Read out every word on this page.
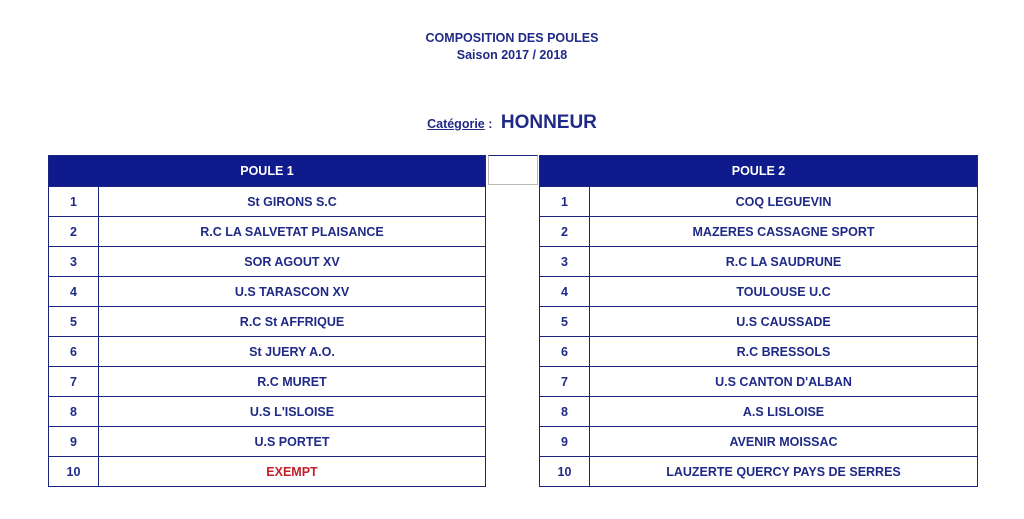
COMPOSITION DES POULES
Saison 2017 / 2018
Catégorie : HONNEUR
POULE 1	
1	St GIRONS S.C
2	R.C LA SALVETAT PLAISANCE
3	SOR AGOUT XV
4	U.S TARASCON XV
5	R.C St AFFRIQUE
6	St JUERY A.O.
7	R.C MURET
8	U.S L'ISLOISE
9	U.S PORTET
10	EXEMPT
POULE 2	
1	COQ LEGUEVIN
2	MAZERES CASSAGNE SPORT
3	R.C LA SAUDRUNE
4	TOULOUSE U.C
5	U.S CAUSSADE
6	R.C BRESSOLS
7	U.S CANTON D'ALBAN
8	A.S LISLOISE
9	AVENIR MOISSAC
10	LAUZERTE QUERCY PAYS DE SERRES
